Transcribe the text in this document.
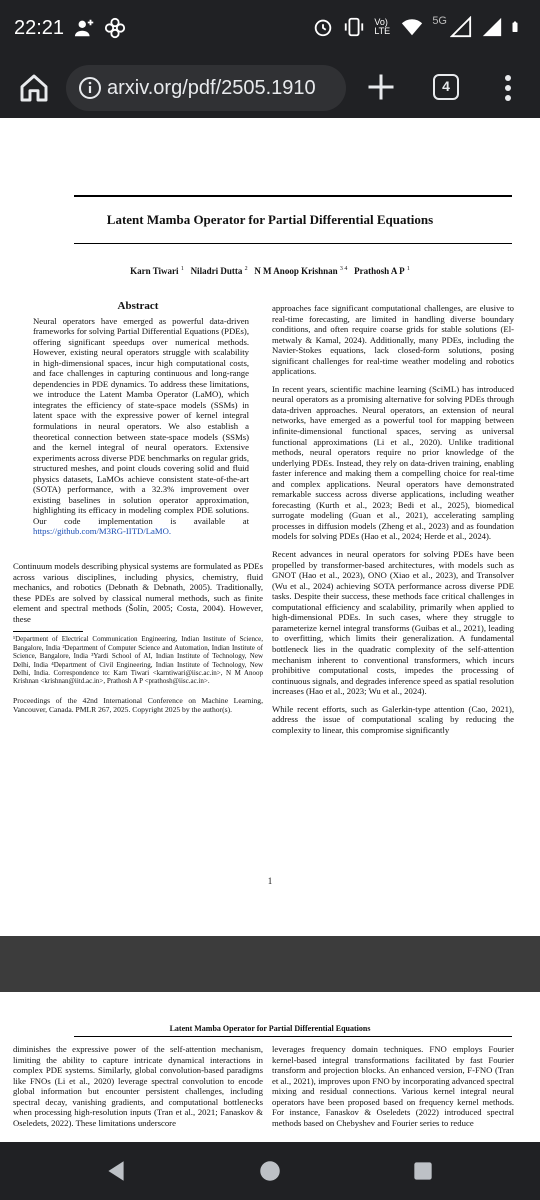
22:21	Vo) LTE
5G
arxiv.org/pdf/2505.1910	4
Latent Mamba Operator for Partial Differential Equations
Karn Tiwari $^1$ Niladri Dutta $^2$ N M Anoop Krishnan $^{3 4}$ Prathosh A P $^1$
Abstract
Neural operators have emerged as powerful data-driven frameworks for solving Partial Differential Equations (PDEs), offering significant speedups over numerical methods. However, existing neural operators struggle with scalability in high-dimensional spaces, incur high computational costs, and face challenges in capturing continuous and long-range dependencies in PDE dynamics. To address these limitations, we introduce the Latent Mamba Operator (LaMO), which integrates the efficiency of state-space models (SSMs) in latent space with the expressive power of kernel integral formulations in neural operators. We also establish a theoretical connection between state-space models (SSMs) and the kernel integral of neural operators. Extensive experiments across diverse PDE benchmarks on regular grids, structured meshes, and point clouds covering solid and fluid physics datasets, LaMOs achieve consistent state-of-the-art (SOTA) performance, with a 32.3% improvement over existing baselines in solution operator approximation, highlighting its efficacy in modeling complex PDE solutions. Our code implementation is available at https://github.com/M3RG-IITD/LaMO.

Continuum models describing physical systems are formulated as PDEs across various disciplines, including physics, chemistry, fluid mechanics, and robotics (Debnath & Debnath, 2005). Traditionally, these PDEs are solved by classical numeral methods, such as finite element and spectral methods (Šolín, 2005; Costa, 2004). However, these

¹Department of Electrical Communication Engineering, Indian Institute of Science, Bangalore, India ²Department of Computer Science and Automation, Indian Institute of Science, Bangalore, India ³Yardi School of AI, Indian Institute of Technology, New Delhi, India ⁴Department of Civil Engineering, Indian Institute of Technology, New Delhi, India. Correspondence to: Karn Tiwari <karntiwari@iisc.ac.in>, N M Anoop Krishnan <krishnan@iitd.ac.in>, Prathosh A P <prathosh@iisc.ac.in>.
Proceedings of the 42nd International Conference on Machine Learning, Vancouver, Canada. PMLR 267, 2025. Copyright 2025 by the author(s).

approaches face significant computational challenges, are elusive to real-time forecasting, are limited in handling diverse boundary conditions, and often require coarse grids for stable solutions (El-metwaly & Kamal, 2024). Additionally, many PDEs, including the Navier-Stokes equations, lack closed-form solutions, posing significant challenges for real-time weather modeling and robotics applications.

In recent years, scientific machine learning (SciML) has introduced neural operators as a promising alternative for solving PDEs through data-driven approaches. Neural operators, an extension of neural networks, have emerged as a powerful tool for mapping between infinite-dimensional functional spaces, serving as universal functional approximations (Li et al., 2020). Unlike traditional methods, neural operators require no prior knowledge of the underlying PDEs. Instead, they rely on data-driven training, enabling faster inference and making them a compelling choice for real-time and complex applications. Neural operators have demonstrated remarkable success across diverse applications, including weather forecasting (Kurth et al., 2023; Bedi et al., 2025), biomedical surrogate modeling (Guan et al., 2021), accelerating sampling processes in diffusion models (Zheng et al., 2023) and as foundation models for solving PDEs (Hao et al., 2024; Herde et al., 2024).

Recent advances in neural operators for solving PDEs have been propelled by transformer-based architectures, with models such as GNOT (Hao et al., 2023), ONO (Xiao et al., 2023), and Transolver (Wu et al., 2024) achieving SOTA performance across diverse PDE tasks. Despite their success, these methods face critical challenges in computational efficiency and scalability, primarily when applied to high-dimensional PDEs. In such cases, where they struggle to parameterize kernel integral transforms (Guibas et al., 2021), leading to overfitting, which limits their generalization. A fundamental bottleneck lies in the quadratic complexity of the self-attention mechanism inherent to conventional transformers, which incurs prohibitive computational costs, impedes the processing of continuous signals, and degrades inference speed as spatial resolution increases (Hao et al., 2023; Wu et al., 2024).

While recent efforts, such as Galerkin-type attention (Cao, 2021), address the issue of computational scaling by reducing the complexity to linear, this compromise significantly

1
Latent Mamba Operator for Partial Differential Equations

diminishes the expressive power of the self-attention mechanism, limiting the ability to capture intricate dynamical interactions in complex PDE systems. Similarly, global convolution-based paradigms like FNOs (Li et al., 2020) leverage spectral convolution to encode global information but encounter persistent challenges, including spectral decay, vanishing gradients, and computational bottlenecks when processing high-resolution inputs (Tran et al., 2021; Fanaskov & Oseledets, 2022). These limitations underscore

leverages frequency domain techniques. FNO employs Fourier kernel-based integral transformations facilitated by fast Fourier transform and projection blocks. An enhanced version, F-FNO (Tran et al., 2021), improves upon FNO by incorporating advanced spectral mixing and residual connections. Various kernel integral neural operators have been proposed based on frequency kernel methods. For instance, Fanaskov & Oseledets (2022) introduced spectral methods based on Chebyshev and Fourier series to reduce
